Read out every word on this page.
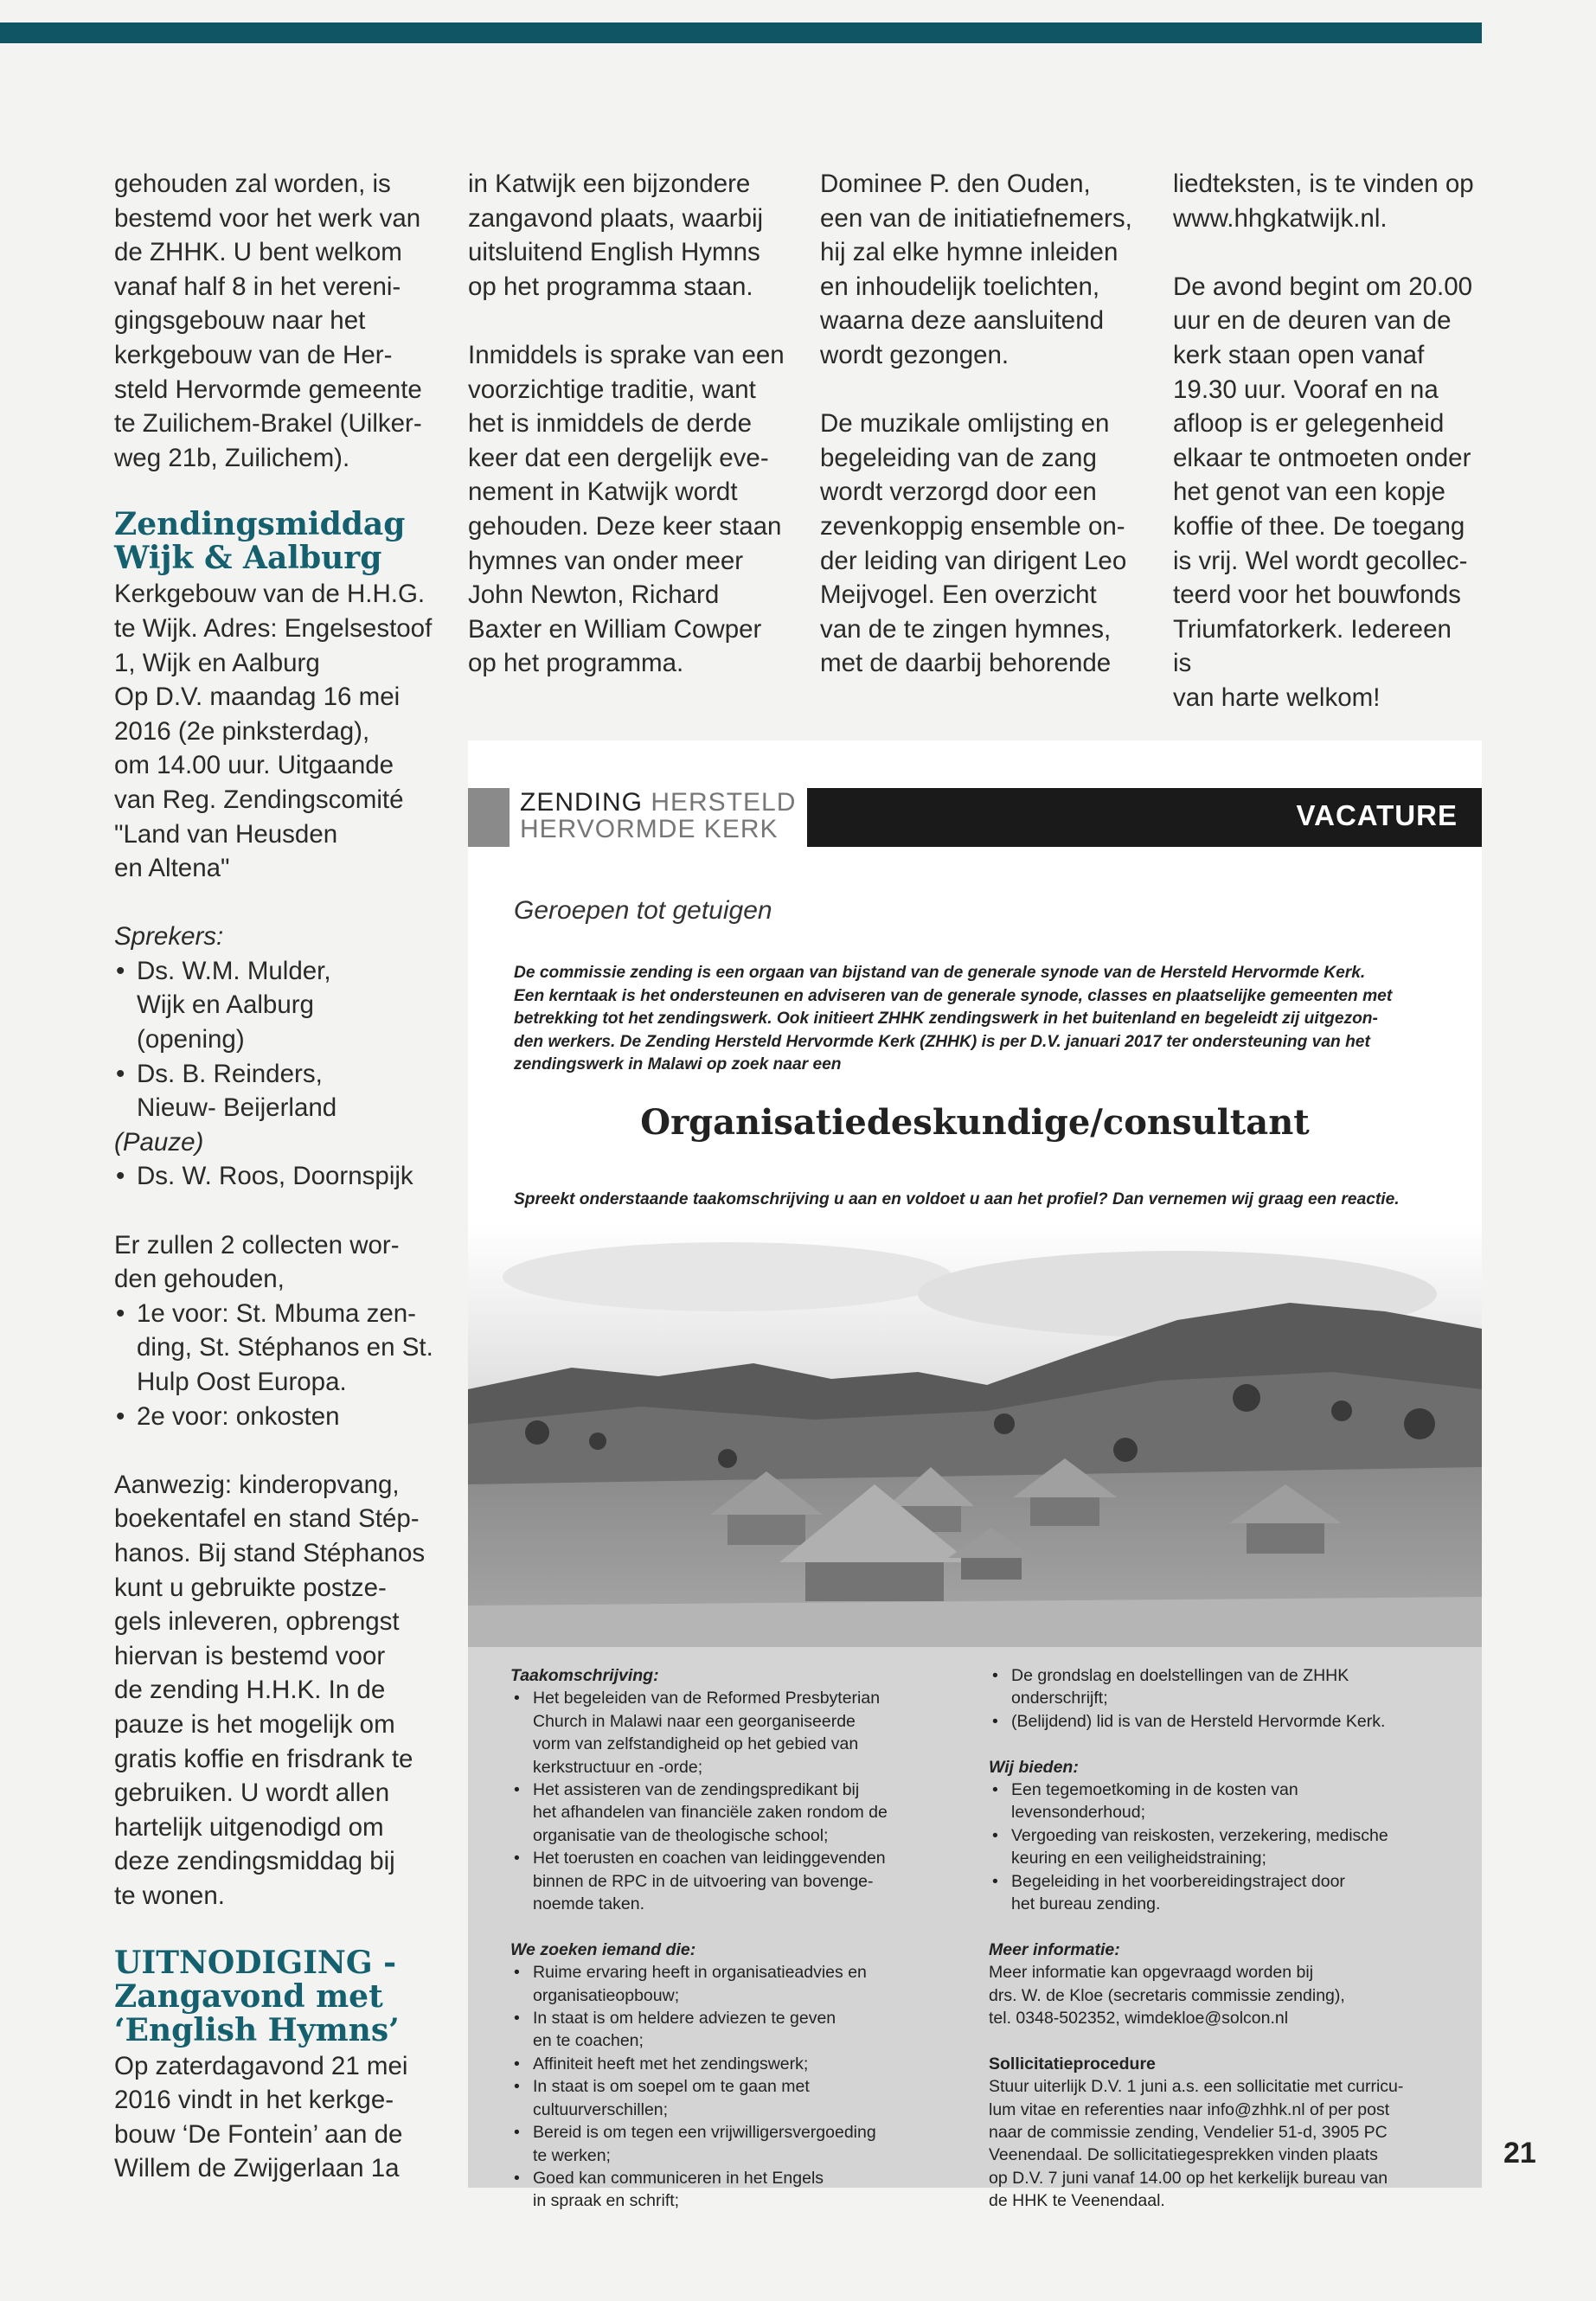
gehouden zal worden, is
bestemd voor het werk van
de ZHHK. U bent welkom
vanaf half 8 in het vereni-
gingsgebouw naar het
kerkgebouw van de Her-
steld Hervormde gemeente
te Zuilichem-Brakel (Uilker-
weg 21b, Zuilichem).

Zendingsmiddag
Wijk & Aalburg

Kerkgebouw van de H.H.G.
te Wijk. Adres: Engelsestoof
1, Wijk en Aalburg
Op D.V. maandag 16 mei
2016 (2e pinksterdag),
om 14.00 uur. Uitgaande
van Reg. Zendingscomité
"Land van Heusden
en Altena"

Sprekers:
• Ds. W.M. Mulder,
Wijk en Aalburg
(opening)
• Ds. B. Reinders,
Nieuw- Beijerland
(Pauze)
• Ds. W. Roos, Doornspijk

Er zullen 2 collecten wor-
den gehouden,

• 1e voor: St. Mbuma zen-
ding, St. Stéphanos en St.
Hulp Oost Europa.
• 2e voor: onkosten

Aanwezig: kinderopvang,
boekentafel en stand Stép-
hanos. Bij stand Stéphanos
kunt u gebruikte postze-
gels inleveren, opbrengst
hiervan is bestemd voor
de zending H.H.K. In de
pauze is het mogelijk om
gratis koffie en frisdrank te
gebruiken. U wordt allen
hartelijk uitgenodigd om
deze zendingsmiddag bij
te wonen.

UITNODIGING -
Zangavond met
‘English Hymns’

Op zaterdagavond 21 mei
2016 vindt in het kerkge-
bouw ‘De Fontein’ aan de
Willem de Zwijgerlaan 1a

in Katwijk een bijzondere
zangavond plaats, waarbij
uitsluitend English Hymns
op het programma staan.

Inmiddels is sprake van een
voorzichtige traditie, want
het is inmiddels de derde
keer dat een dergelijk eve-
nement in Katwijk wordt
gehouden. Deze keer staan
hymnes van onder meer
John Newton, Richard
Baxter en William Cowper
op het programma.

Dominee P. den Ouden,
een van de initiatiefnemers,
hij zal elke hymne inleiden
en inhoudelijk toelichten,
waarna deze aansluitend
wordt gezongen.

De muzikale omlijsting en
begeleiding van de zang
wordt verzorgd door een
zevenkoppig ensemble on-
der leiding van dirigent Leo
Meijvogel. Een overzicht
van de te zingen hymnes,
met de daarbij behorende

liedteksten, is te vinden op
www.hhgkatwijk.nl.

De avond begint om 20.00
uur en de deuren van de
kerk staan open vanaf
19.30 uur. Vooraf en na
afloop is er gelegenheid
elkaar te ontmoeten onder
het genot van een kopje
koffie of thee. De toegang
is vrij. Wel wordt gecollec-
teerd voor het bouwfonds
Triumfatorkerk. Iedereen is
van harte welkom!

ZENDING HERSTELD
HERVORMDE KERK	VACATURE
Geroepen tot getuigen
De commissie zending is een orgaan van bijstand van de generale synode van de Hersteld Hervormde Kerk.
Een kerntaak is het ondersteunen en adviseren van de generale synode, classes en plaatselijke gemeenten met
betrekking tot het zendingswerk. Ook initieert ZHHK zendingswerk in het buitenland en begeleidt zij uitgezon-
den werkers. De Zending Hersteld Hervormde Kerk (ZHHK) is per D.V. januari 2017 ter ondersteuning van het
zendingswerk in Malawi op zoek naar een
Organisatiedeskundige/consultant
Spreekt onderstaande taakomschrijving u aan en voldoet u aan het profiel? Dan vernemen wij graag een reactie.
Taakomschrijving:
• Het begeleiden van de Reformed Presbyterian
Church in Malawi naar een georganiseerde
vorm van zelfstandigheid op het gebied van
kerkstructuur en -orde;
• Het assisteren van de zendingspredikant bij
het afhandelen van financiële zaken rondom de
organisatie van de theologische school;
• Het toerusten en coachen van leidinggevenden
binnen de RPC in de uitvoering van bovenge-
noemde taken.
We zoeken iemand die:
• Ruime ervaring heeft in organisatieadvies en
organisatieopbouw;
• In staat is om heldere adviezen te geven
en te coachen;
• Affiniteit heeft met het zendingswerk;
• In staat is om soepel om te gaan met
cultuurverschillen;
• Bereid is om tegen een vrijwilligersvergoeding
te werken;
• Goed kan communiceren in het Engels
in spraak en schrift;
• De grondslag en doelstellingen van de ZHHK
onderschrijft;
• (Belijdend) lid is van de Hersteld Hervormde Kerk.
Wij bieden:
• Een tegemoetkoming in de kosten van
levensonderhoud;
• Vergoeding van reiskosten, verzekering, medische
keuring en een veiligheidstraining;
• Begeleiding in het voorbereidingstraject door
het bureau zending.
Meer informatie:

Meer informatie kan opgevraagd worden bij
drs. W. de Kloe (secretaris commissie zending),
tel. 0348-502352, wimdekloe@solcon.nl

Sollicitatieprocedure

Stuur uiterlijk D.V. 1 juni a.s. een sollicitatie met curricu-
lum vitae en referenties naar info@zhhk.nl of per post
naar de commissie zending, Vendelier 51-d, 3905 PC
Veenendaal. De sollicitatiegesprekken vinden plaats
op D.V. 7 juni vanaf 14.00 op het kerkelijk bureau van
de HHK te Veenendaal.

21
